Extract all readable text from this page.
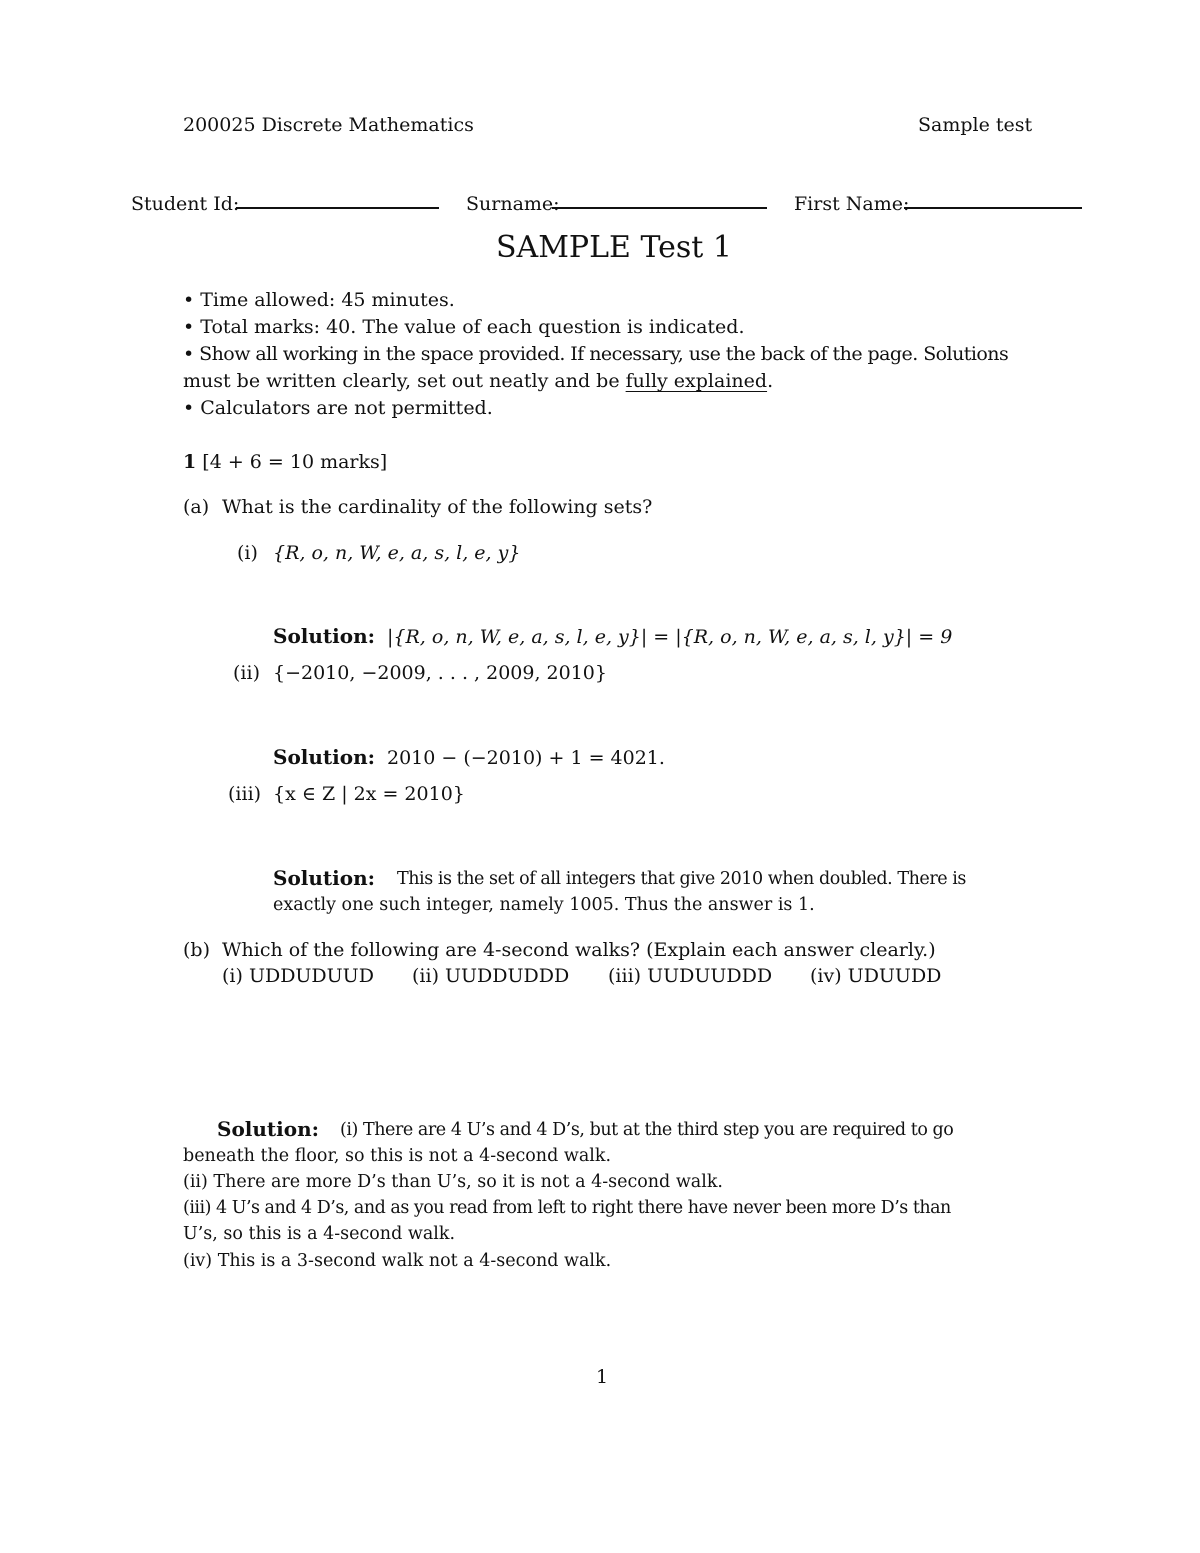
200025 Discrete Mathematics	Sample test
Student Id:	Surname:	First Name:
SAMPLE Test 1
• Time allowed: 45 minutes.
• Total marks: 40. The value of each question is indicated.
• Show all working in the space provided. If necessary, use the back of the page. Solutions
must be written clearly, set out neatly and be fully explained.
• Calculators are not permitted.
1 [4 + 6 = 10 marks]
(a) What is the cardinality of the following sets?
(i) {R, o, n, W, e, a, s, l, e, y}
Solution: |{R, o, n, W, e, a, s, l, e, y}| = |{R, o, n, W, e, a, s, l, y}| = 9
(ii) {−2010, −2009, . . . , 2009, 2010}
Solution: 2010 − (−2010) + 1 = 4021.
(iii) {x ∈ Z | 2x = 2010}
Solution: This is the set of all integers that give 2010 when doubled. There is
exactly one such integer, namely 1005. Thus the answer is 1.
(b) Which of the following are 4-second walks? (Explain each answer clearly.)
(i) UDDUDUUD (ii) UUDDUDDD (iii) UUDUUDDD (iv) UDUUDD
Solution: (i) There are 4 U’s and 4 D’s, but at the third step you are required to go
beneath the floor, so this is not a 4-second walk.
(ii) There are more D’s than U’s, so it is not a 4-second walk.
(iii) 4 U’s and 4 D’s, and as you read from left to right there have never been more D’s than
U’s, so this is a 4-second walk.
(iv) This is a 3-second walk not a 4-second walk.
1
